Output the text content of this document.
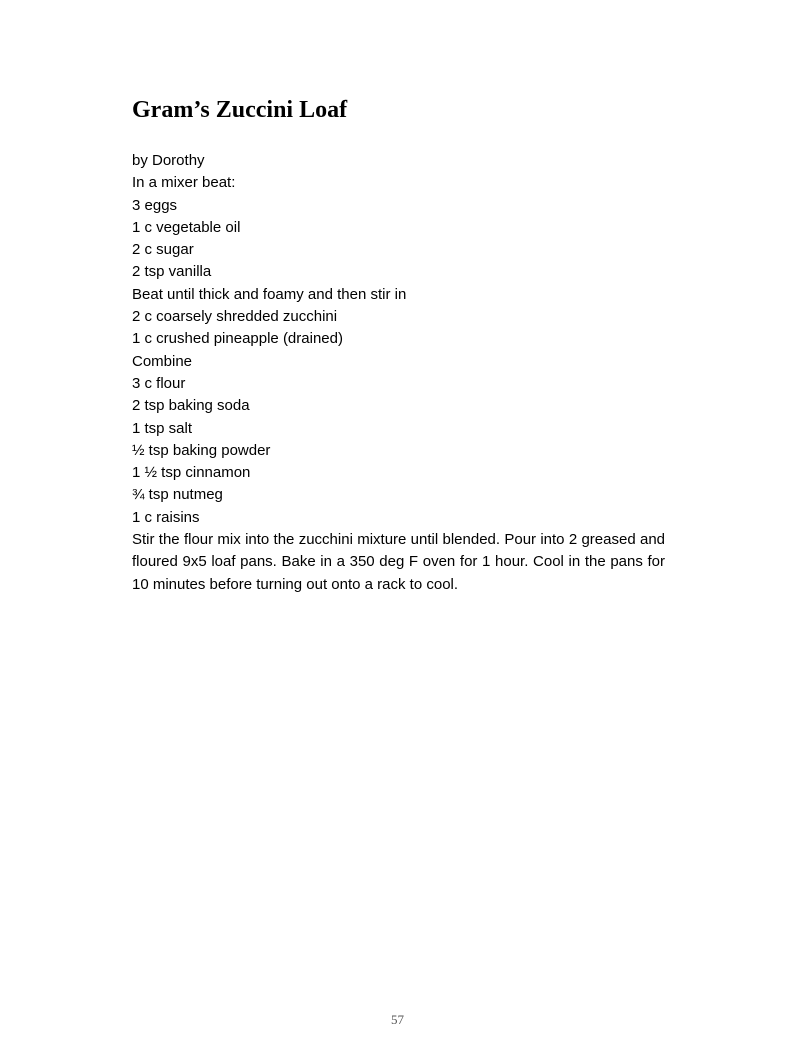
Gram’s Zuccini Loaf
by Dorothy
In a mixer beat:
3 eggs
1 c vegetable oil
2 c sugar
2 tsp vanilla
Beat until thick and foamy and then stir in
2 c coarsely shredded zucchini
1 c crushed pineapple (drained)
Combine
3 c flour
2 tsp baking soda
1 tsp salt
½ tsp baking powder
1 ½ tsp cinnamon
¾ tsp nutmeg
1 c raisins

Stir the flour mix into the zucchini mixture until blended. Pour into 2 greased and floured 9x5 loaf pans. Bake in a 350 deg F oven for 1 hour. Cool in the pans for 10 minutes before turning out onto a rack to cool.

57
